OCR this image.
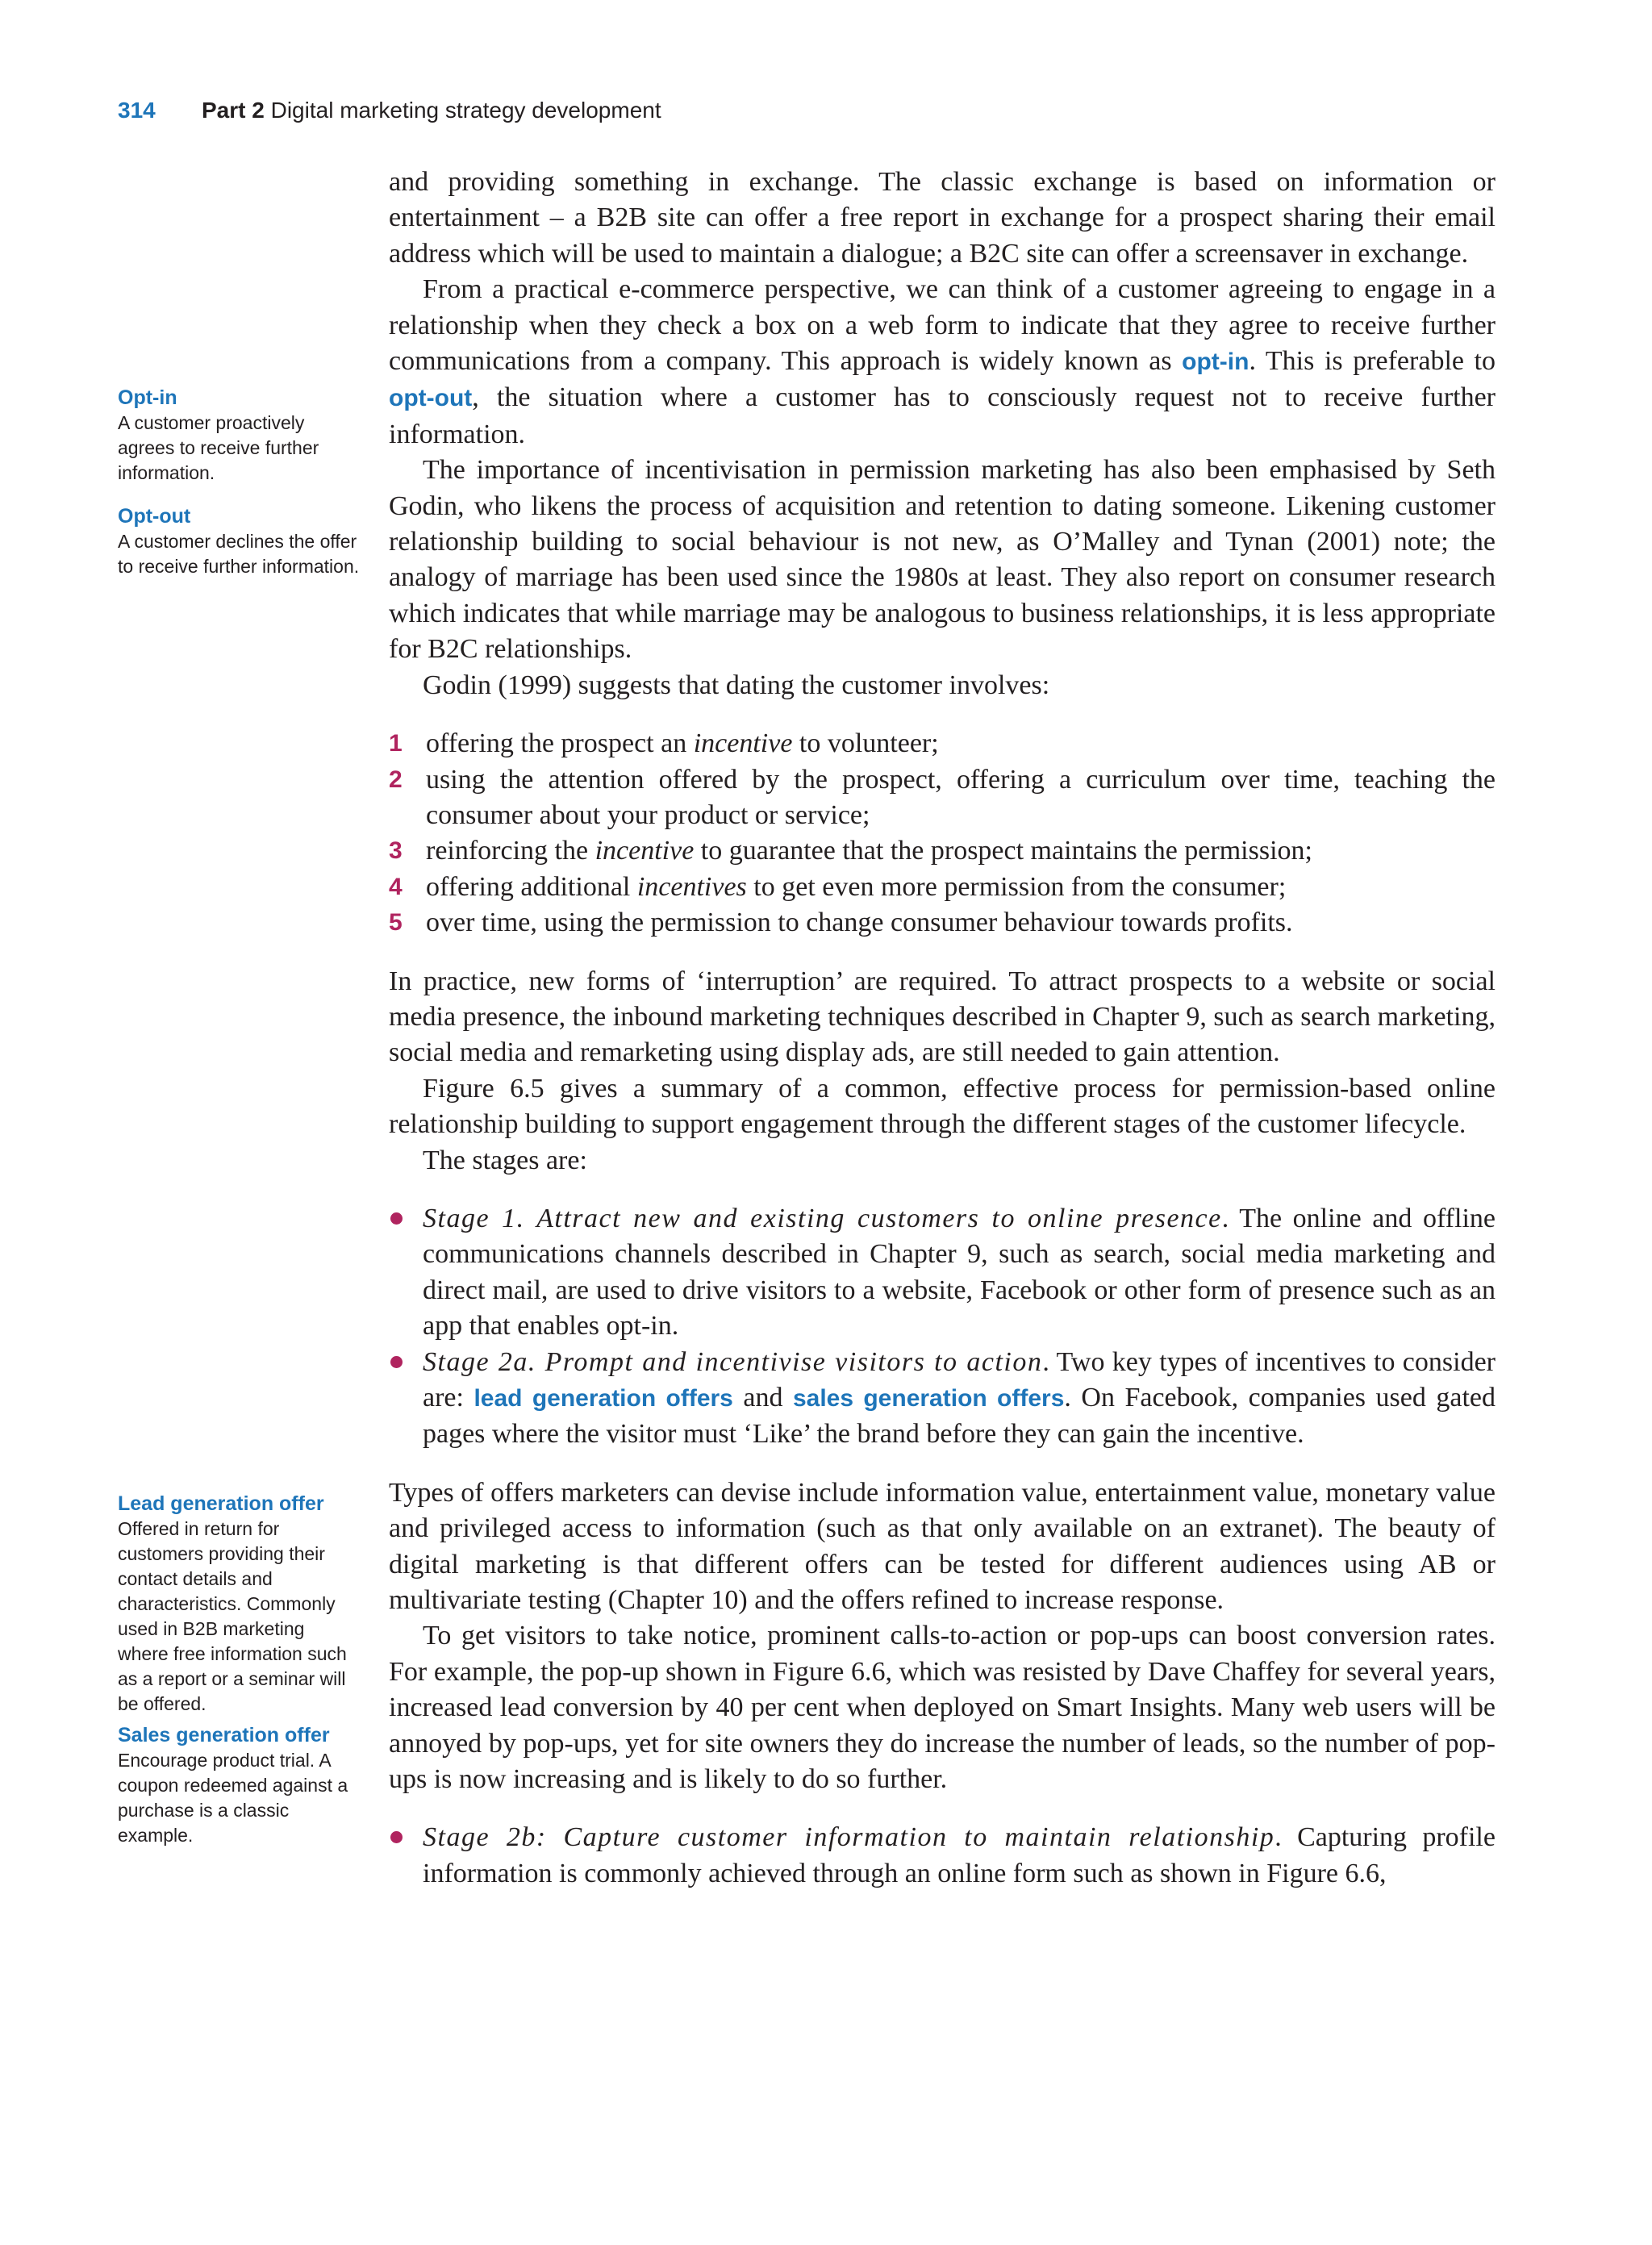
314 Part 2 Digital marketing strategy development
Opt-in
A customer proactively agrees to receive further information.
Opt-out
A customer declines the offer to receive further information.
Lead generation offer
Offered in return for customers providing their contact details and characteristics. Commonly used in B2B marketing where free information such as a report or a seminar will be offered.
Sales generation offer
Encourage product trial. A coupon redeemed against a purchase is a classic example.

and providing something in exchange. The classic exchange is based on information or entertainment – a B2B site can offer a free report in exchange for a prospect sharing their email address which will be used to maintain a dialogue; a B2C site can offer a screensaver in exchange.

From a practical e-commerce perspective, we can think of a customer agreeing to engage in a relationship when they check a box on a web form to indicate that they agree to receive further communications from a company. This approach is widely known as opt-in. This is preferable to opt-out, the situation where a customer has to consciously request not to receive further information.

The importance of incentivisation in permission marketing has also been emphasised by Seth Godin, who likens the process of acquisition and retention to dating someone. Likening customer relationship building to social behaviour is not new, as O’Malley and Tynan (2001) note; the analogy of marriage has been used since the 1980s at least. They also report on consumer research which indicates that while marriage may be analogous to business relationships, it is less appropriate for B2C relationships.

Godin (1999) suggests that dating the customer involves:

1 offering the prospect an incentive to volunteer;
2 using the attention offered by the prospect, offering a curriculum over time, teaching the consumer about your product or service;
3 reinforcing the incentive to guarantee that the prospect maintains the permission;
4 offering additional incentives to get even more permission from the consumer;
5 over time, using the permission to change consumer behaviour towards profits.

In practice, new forms of ‘interruption’ are required. To attract prospects to a website or social media presence, the inbound marketing techniques described in Chapter 9, such as search marketing, social media and remarketing using display ads, are still needed to gain attention.

Figure 6.5 gives a summary of a common, effective process for permission-based online relationship building to support engagement through the different stages of the customer lifecycle.

The stages are:

Stage 1. Attract new and existing customers to online presence. The online and offline communications channels described in Chapter 9, such as search, social media marketing and direct mail, are used to drive visitors to a website, Facebook or other form of presence such as an app that enables opt-in.
Stage 2a. Prompt and incentivise visitors to action. Two key types of incentives to consider are: lead generation offers and sales generation offers. On Facebook, companies used gated pages where the visitor must ‘Like’ the brand before they can gain the incentive.

Types of offers marketers can devise include information value, entertainment value, monetary value and privileged access to information (such as that only available on an extranet). The beauty of digital marketing is that different offers can be tested for different audiences using AB or multivariate testing (Chapter 10) and the offers refined to increase response.

To get visitors to take notice, prominent calls-to-action or pop-ups can boost conversion rates. For example, the pop-up shown in Figure 6.6, which was resisted by Dave Chaffey for several years, increased lead conversion by 40 per cent when deployed on Smart Insights. Many web users will be annoyed by pop-ups, yet for site owners they do increase the number of leads, so the number of pop-ups is now increasing and is likely to do so further.

Stage 2b: Capture customer information to maintain relationship. Capturing profile information is commonly achieved through an online form such as shown in Figure 6.6,
